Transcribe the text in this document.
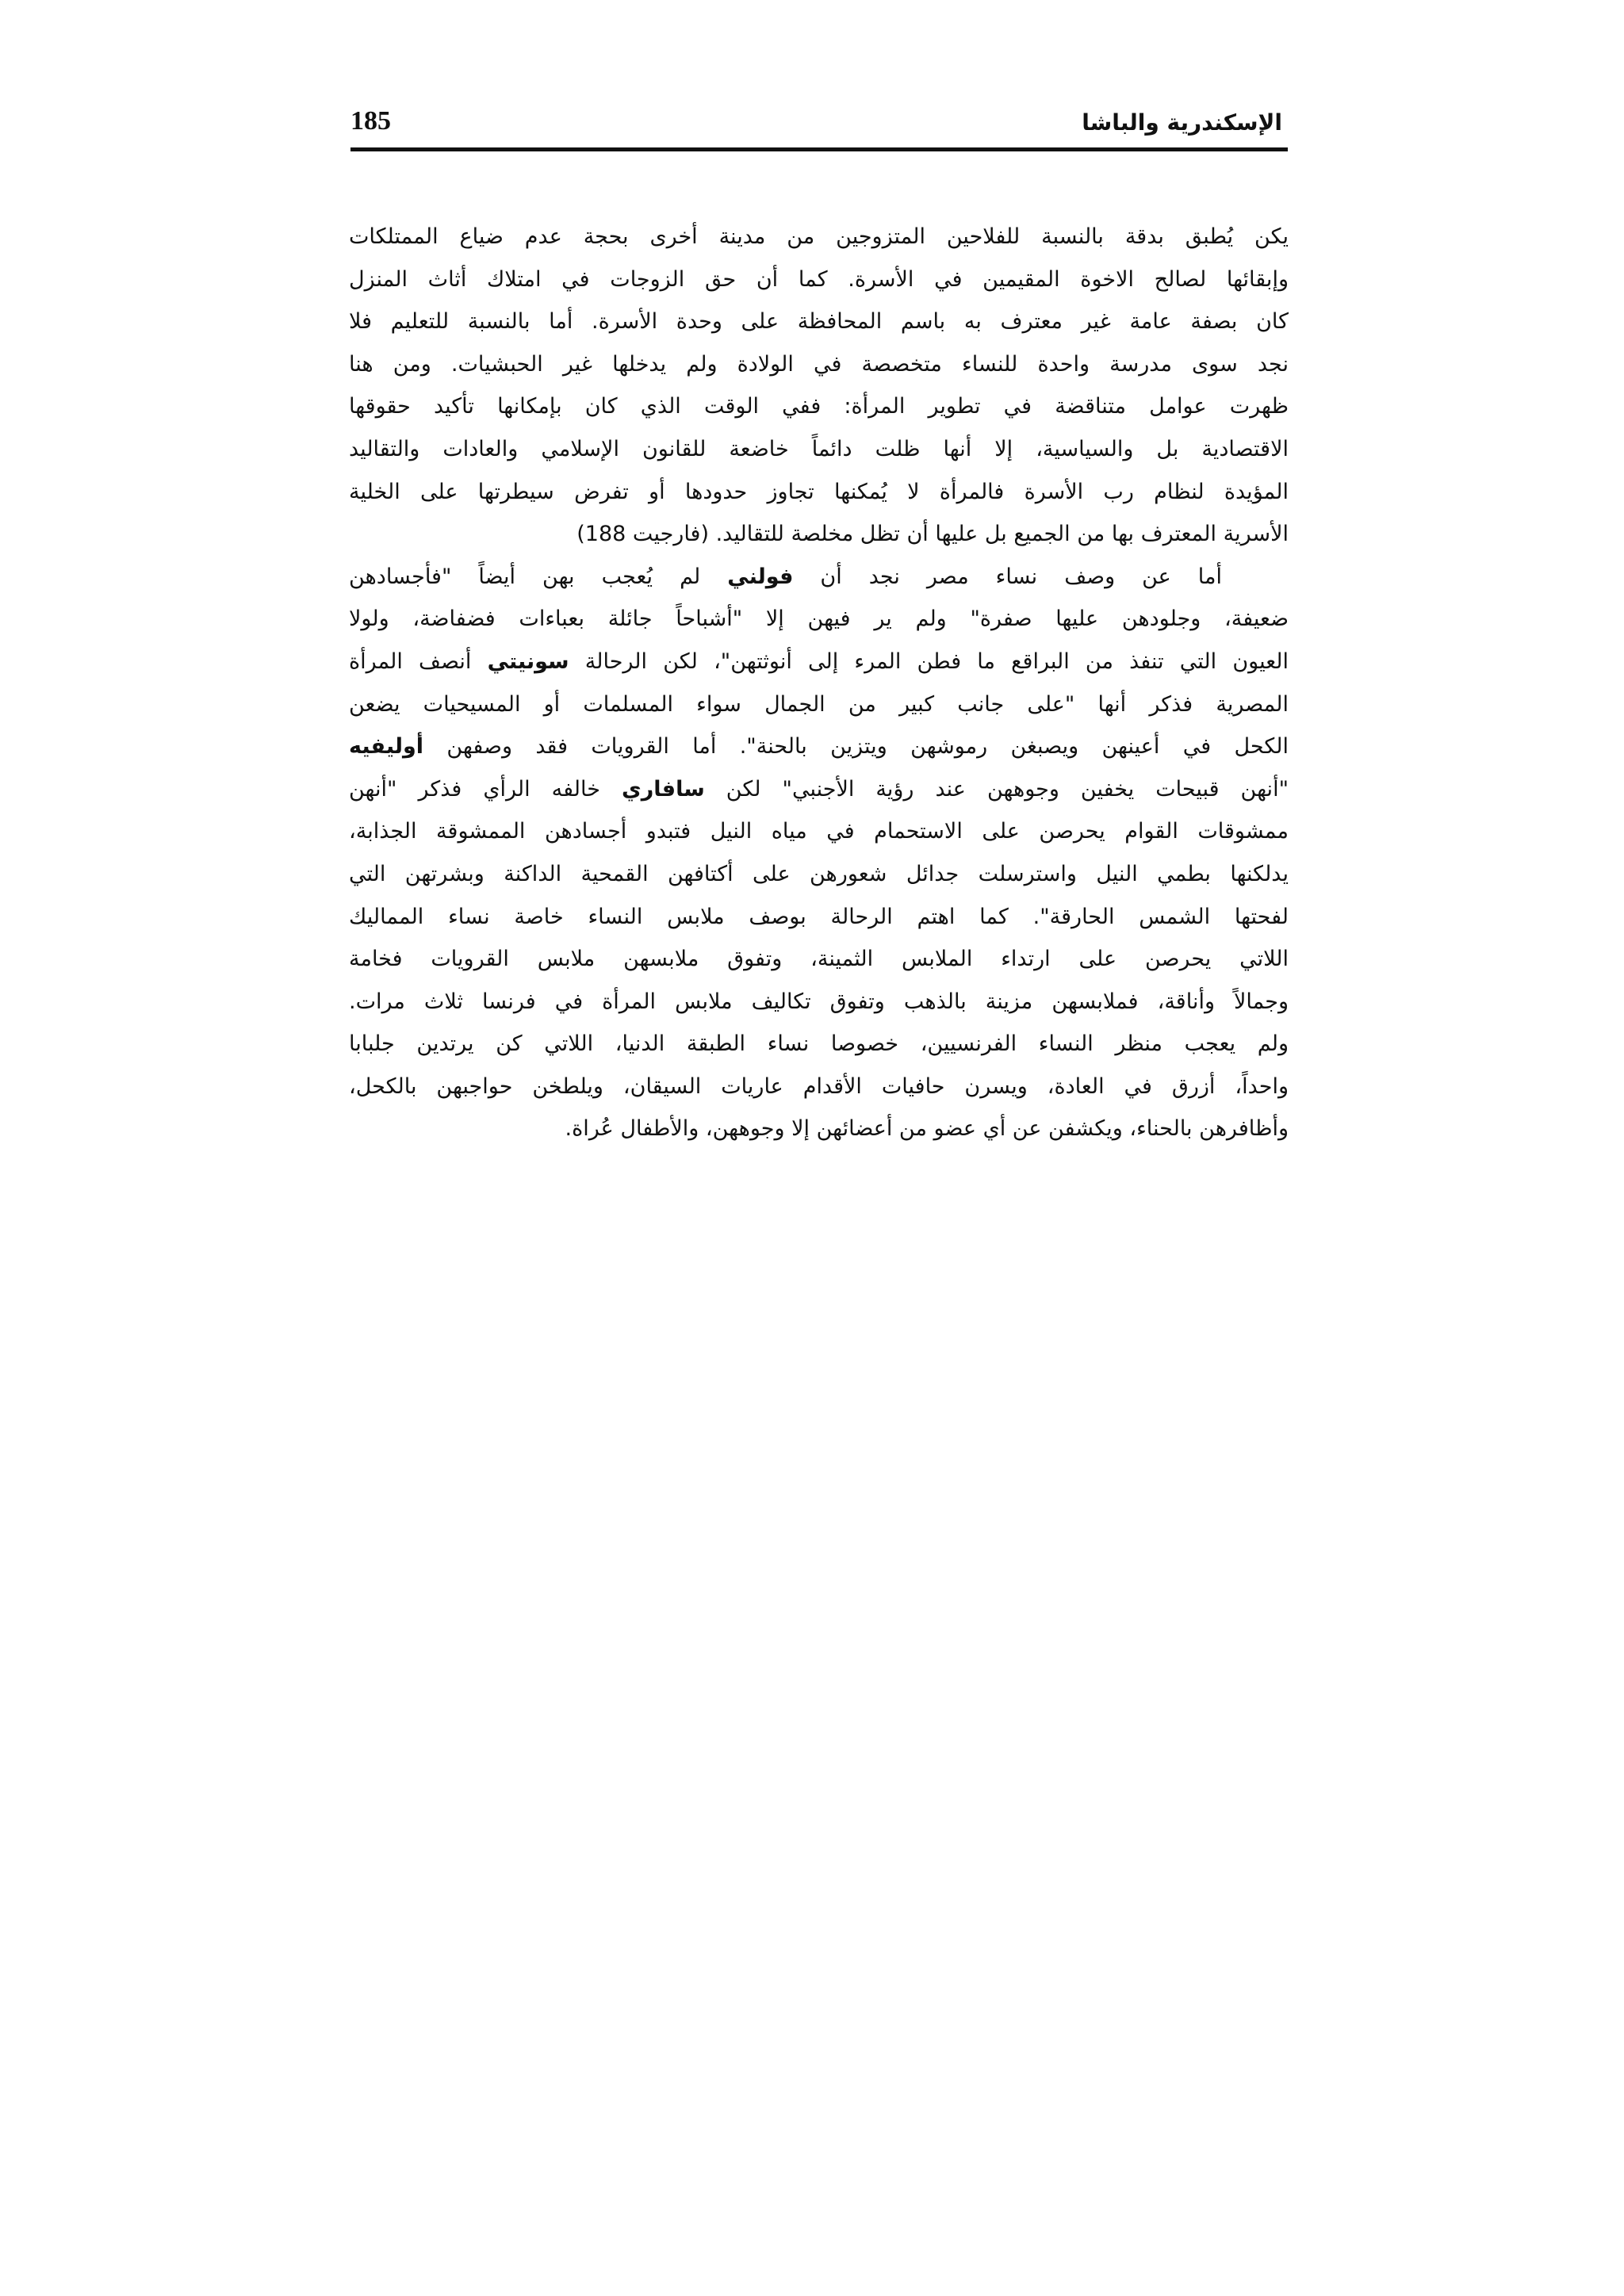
الإسكندرية والباشا
185

يكن يُطبق بدقة بالنسبة للفلاحين المتزوجين من مدينة أخرى بحجة عدم ضياع الممتلكات
وإبقائها لصالح الاخوة المقيمين في الأسرة. كما أن حق الزوجات في امتلاك أثاث المنزل
كان بصفة عامة غير معترف به باسم المحافظة على وحدة الأسرة. أما بالنسبة للتعليم فلا
نجد سوى مدرسة واحدة للنساء متخصصة في الولادة ولم يدخلها غير الحبشيات. ومن هنا
ظهرت عوامل متناقضة في تطوير المرأة: ففي الوقت الذي كان بإمكانها تأكيد حقوقها
الاقتصادية بل والسياسية، إلا أنها ظلت دائماً خاضعة للقانون الإسلامي والعادات والتقاليد
المؤيدة لنظام رب الأسرة فالمرأة لا يُمكنها تجاوز حدودها أو تفرض سيطرتها على الخلية
الأسرية المعترف بها من الجميع بل عليها أن تظل مخلصة للتقاليد. (فارجيت 188)

أما عن وصف نساء مصر نجد أن فولني لم يُعجب بهن أيضاً "فأجسادهن
ضعيفة، وجلودهن عليها صفرة" ولم ير فيهن إلا "أشباحاً جائلة بعباءات فضفاضة، ولولا
العيون التي تنفذ من البراقع ما فطن المرء إلى أنوثتهن"، لكن الرحالة سونيتي أنصف المرأة
المصرية فذكر أنها "على جانب كبير من الجمال سواء المسلمات أو المسيحيات يضعن
الكحل في أعينهن ويصبغن رموشهن ويتزين بالحنة". أما القرويات فقد وصفهن أوليفيه
"أنهن قبيحات يخفين وجوههن عند رؤية الأجنبي" لكن سافاري خالفه الرأي فذكر "أنهن
ممشوقات القوام يحرصن على الاستحمام في مياه النيل فتبدو أجسادهن الممشوقة الجذابة،
يدلكنها بطمي النيل واسترسلت جدائل شعورهن على أكتافهن القمحية الداكنة وبشرتهن التي
لفحتها الشمس الحارقة". كما اهتم الرحالة بوصف ملابس النساء خاصة نساء المماليك
اللاتي يحرصن على ارتداء الملابس الثمينة، وتفوق ملابسهن ملابس القرويات فخامة
وجمالاً وأناقة، فملابسهن مزينة بالذهب وتفوق تكاليف ملابس المرأة في فرنسا ثلاث مرات.
ولم يعجب منظر النساء الفرنسيين، خصوصا نساء الطبقة الدنيا، اللاتي كن يرتدين جلبابا
واحداً، أزرق في العادة، ويسرن حافيات الأقدام عاريات السيقان، ويلطخن حواجبهن بالكحل،
وأظافرهن بالحناء، ويكشفن عن أي عضو من أعضائهن إلا وجوههن، والأطفال عُراة.
